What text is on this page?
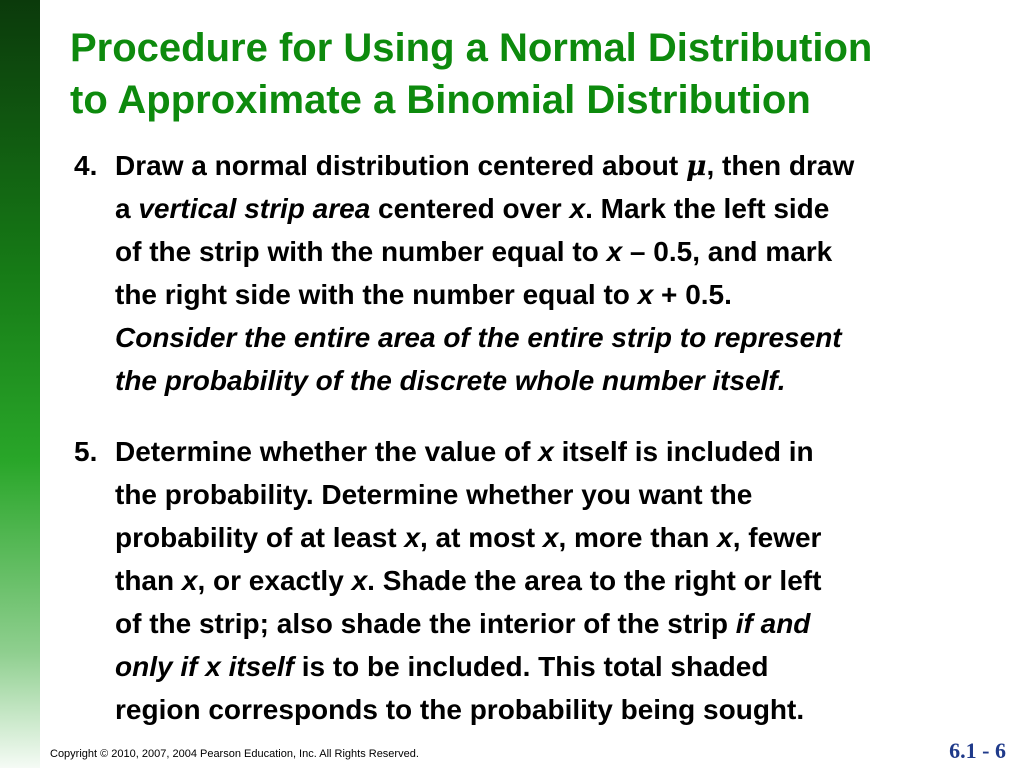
Procedure for Using a Normal Distribution
to Approximate a Binomial Distribution
4. Draw a normal distribution centered about μ, then draw
a vertical strip area centered over x. Mark the left side
of the strip with the number equal to x – 0.5, and mark
the right side with the number equal to x + 0.5.
Consider the entire area of the entire strip to represent
the probability of the discrete whole number itself.
5. Determine whether the value of x itself is included in
the probability. Determine whether you want the
probability of at least x, at most x, more than x, fewer
than x, or exactly x. Shade the area to the right or left
of the strip; also shade the interior of the strip if and
only if x itself is to be included. This total shaded
region corresponds to the probability being sought.
Copyright © 2010, 2007, 2004 Pearson Education, Inc. All Rights Reserved.	6.1 - 6
